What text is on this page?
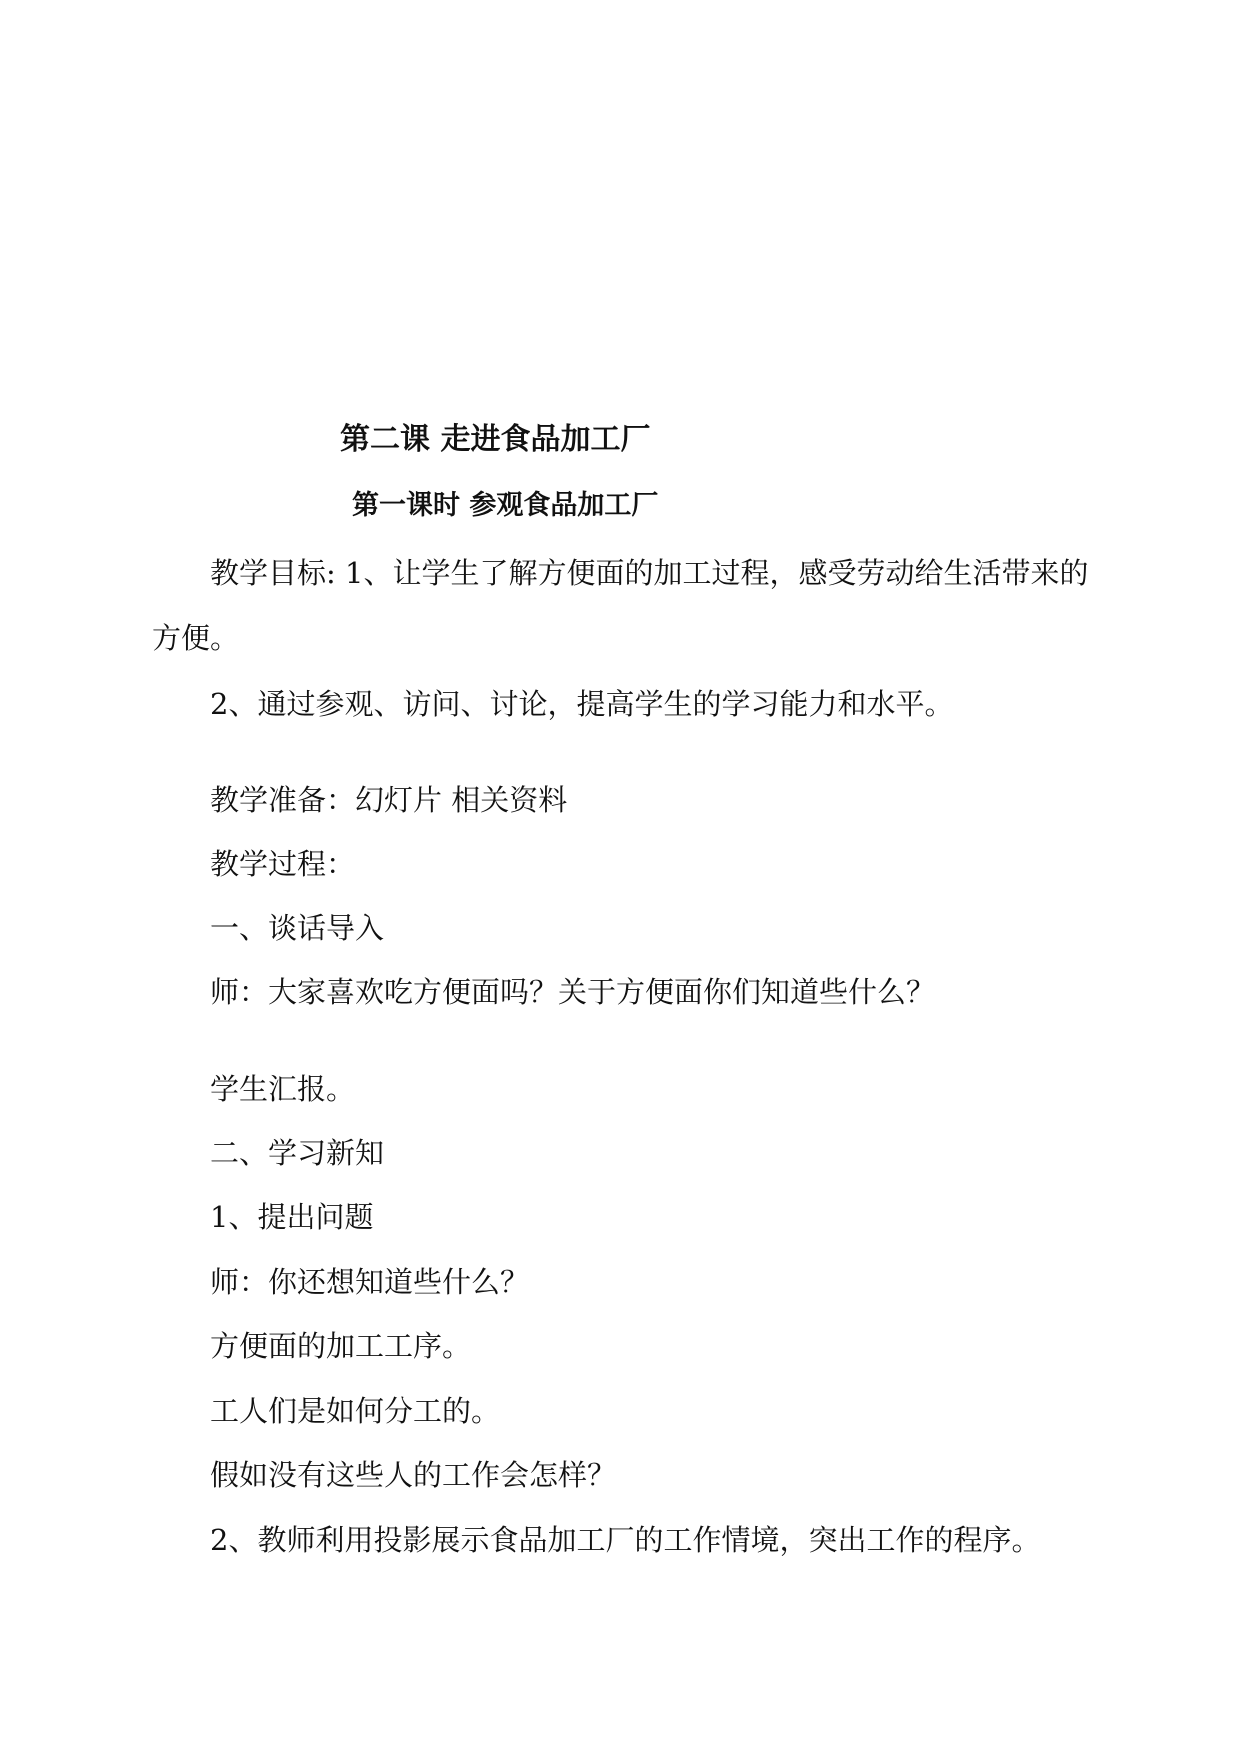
第二课 走进食品加工厂
第一课时 参观食品加工厂
教学目标: 1、让学生了解方便面的加工过程，感受劳动给生活带来的
方便。
2、通过参观、访问、讨论，提高学生的学习能力和水平。
教学准备：幻灯片 相关资料
教学过程：
一、谈话导入
师：大家喜欢吃方便面吗？关于方便面你们知道些什么？
学生汇报。
二、学习新知
1、提出问题
师：你还想知道些什么？
方便面的加工工序。
工人们是如何分工的。
假如没有这些人的工作会怎样？
2、教师利用投影展示食品加工厂的工作情境，突出工作的程序。
